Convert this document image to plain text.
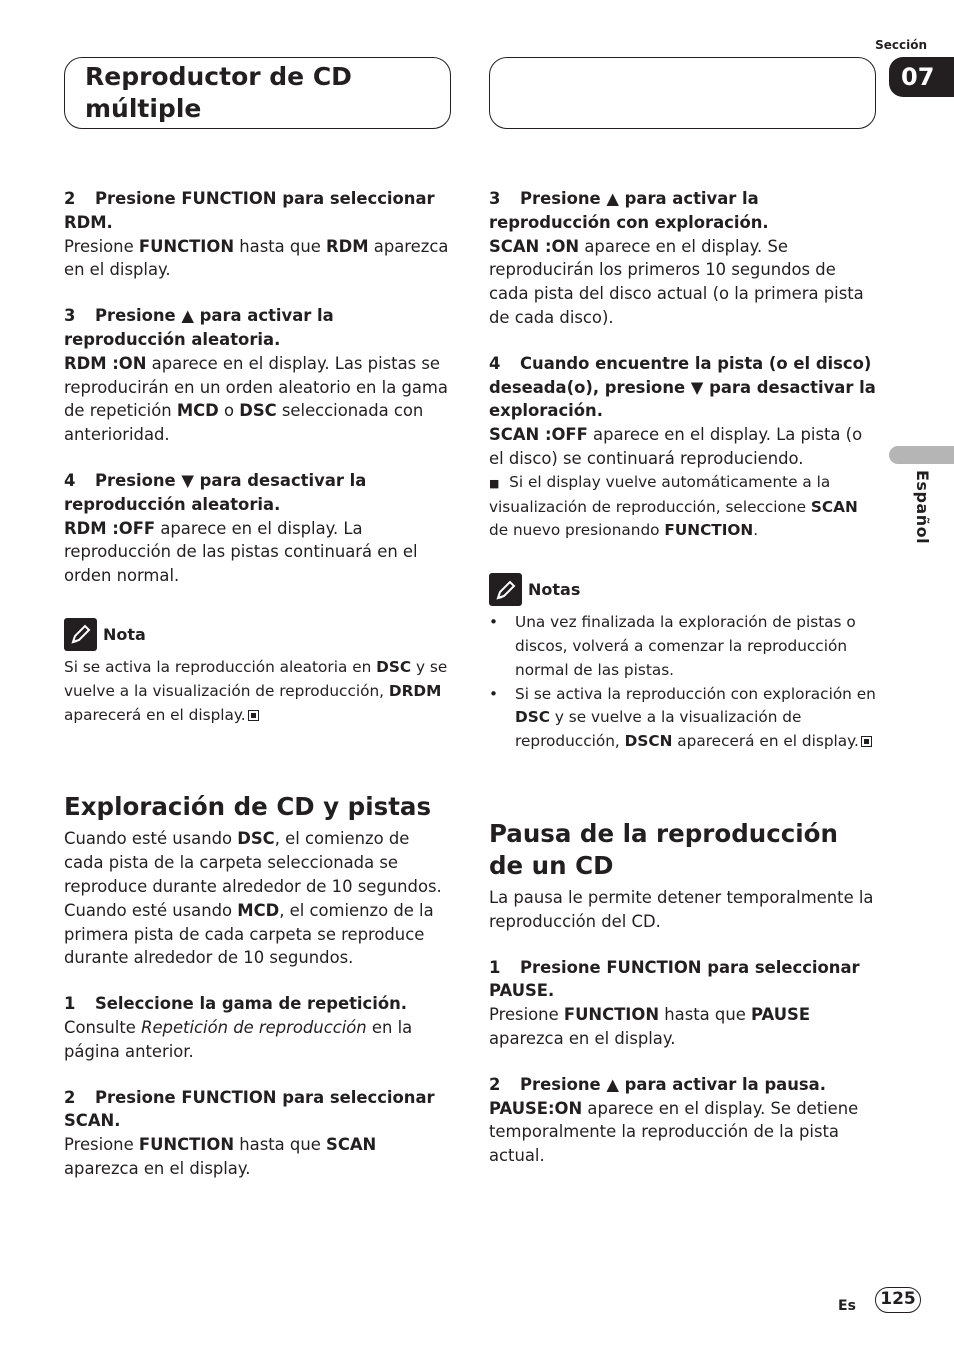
Reproductor de CD
múltiple
Sección
07
Español

2 Presione FUNCTION para seleccionar RDM.

Presione FUNCTION hasta que RDM aparezca en el display.

3 Presione ▲ para activar la reproducción aleatoria.

RDM :ON aparece en el display. Las pistas se reproducirán en un orden aleatorio en la gama de repetición MCD o DSC seleccionada con anterioridad.

4 Presione ▼ para desactivar la reproducción aleatoria.

RDM :OFF aparece en el display. La reproducción de las pistas continuará en el orden normal.

Nota

Si se activa la reproducción aleatoria en DSC y se vuelve a la visualización de reproducción, DRDM aparecerá en el display.

Exploración de CD y pistas

Cuando esté usando DSC, el comienzo de cada pista de la carpeta seleccionada se reproduce durante alrededor de 10 segundos. Cuando esté usando MCD, el comienzo de la primera pista de cada carpeta se reproduce durante alrededor de 10 segundos.

1 Seleccione la gama de repetición.

Consulte Repetición de reproducción en la página anterior.

2 Presione FUNCTION para seleccionar SCAN.

Presione FUNCTION hasta que SCAN aparezca en el display.

3 Presione ▲ para activar la reproducción con exploración.

SCAN :ON aparece en el display. Se reproducirán los primeros 10 segundos de cada pista del disco actual (o la primera pista de cada disco).

4 Cuando encuentre la pista (o el disco) deseada(o), presione ▼ para desactivar la exploración.

SCAN :OFF aparece en el display. La pista (o el disco) se continuará reproduciendo.

■ Si el display vuelve automáticamente a la visualización de reproducción, seleccione SCAN de nuevo presionando FUNCTION.

Notas
•	Una vez finalizada la exploración de pistas o discos, volverá a comenzar la reproducción normal de las pistas.
•	Si se activa la reproducción con exploración en DSC y se vuelve a la visualización de reproducción, DSCN aparecerá en el display.

Pausa de la reproducción
de un CD

La pausa le permite detener temporalmente la reproducción del CD.

1 Presione FUNCTION para seleccionar PAUSE.

Presione FUNCTION hasta que PAUSE aparezca en el display.

2 Presione ▲ para activar la pausa.

PAUSE:ON aparece en el display. Se detiene temporalmente la reproducción de la pista actual.

Es	125
